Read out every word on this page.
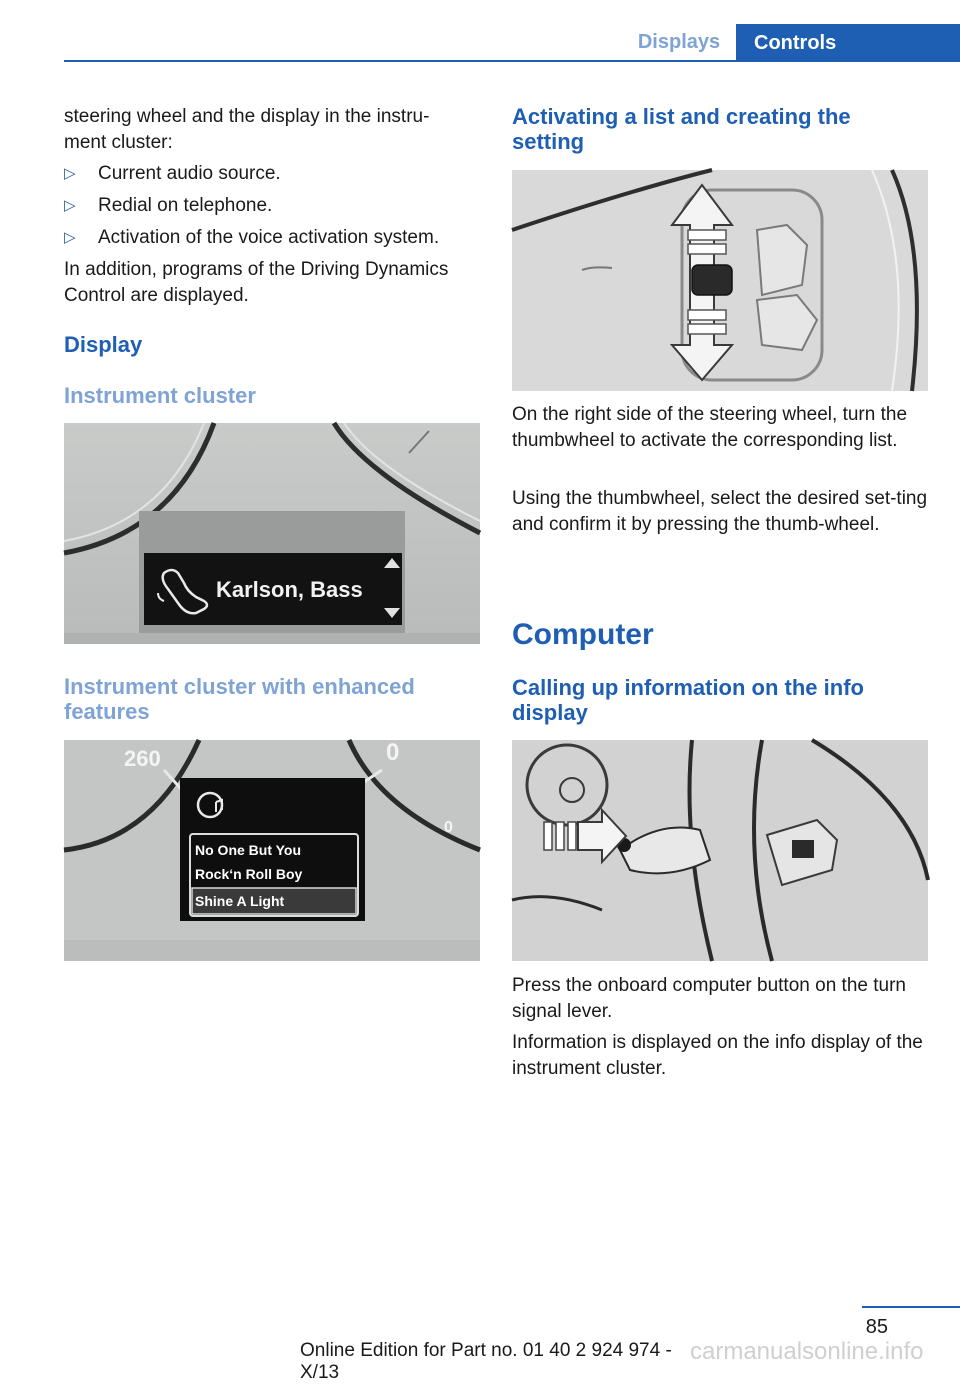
Displays	Controls
steering wheel and the display in the instru-
ment cluster:
▷	Current audio source.
▷	Redial on telephone.
▷	Activation of the voice activation system.
In addition, programs of the Driving Dynamics Control are displayed.
Display
Instrument cluster
Karlson, Bass
Instrument cluster with enhanced features
260	0
0
No One But You
Rock‘n Roll Boy
Shine A Light
Activating a list and creating the setting
On the right side of the steering wheel, turn the thumbwheel to activate the corresponding list.
Using the thumbwheel, select the desired set-ting and confirm it by pressing the thumb-wheel.
Computer
Calling up information on the info display
Press the onboard computer button on the turn signal lever.
Information is displayed on the info display of the instrument cluster.
85
Online Edition for Part no. 01 40 2 924 974 - X/13
carmanualsonline.info
